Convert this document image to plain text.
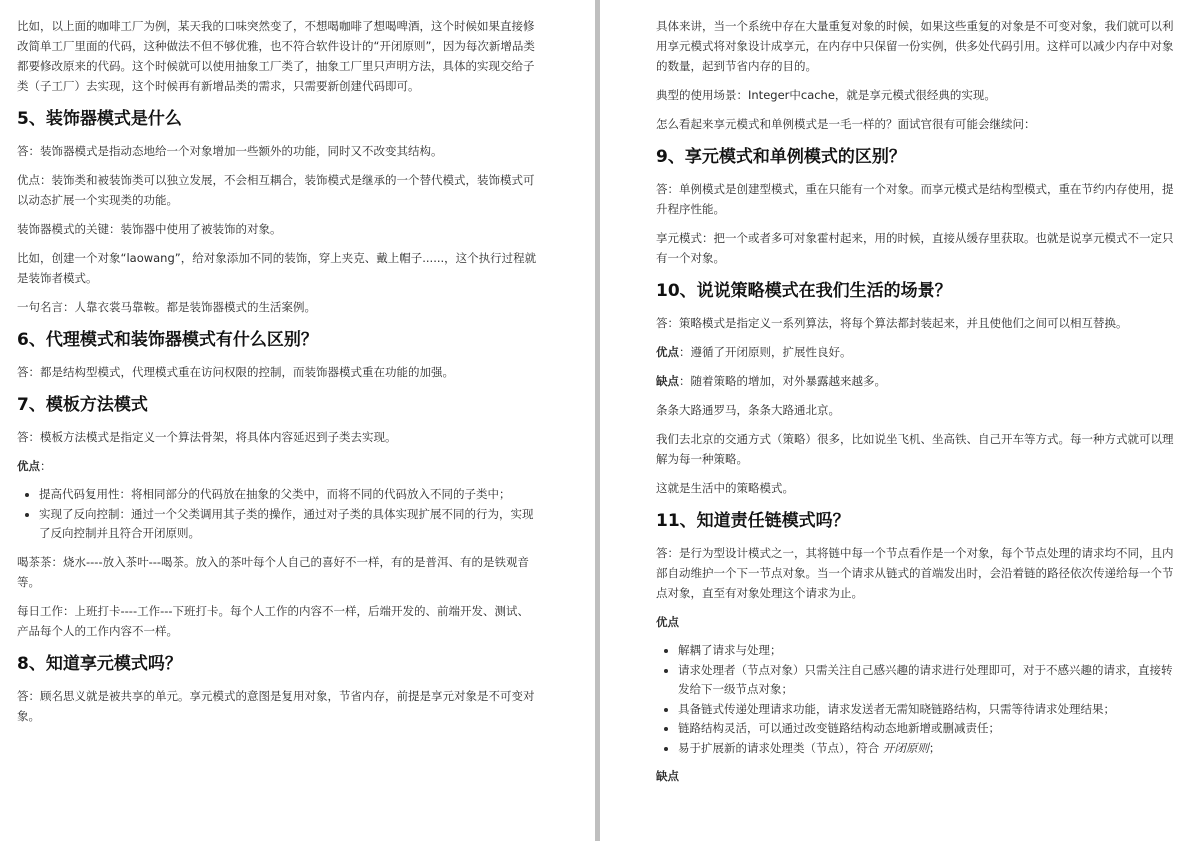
比如，以上面的咖啡工厂为例，某天我的口味突然变了，不想喝咖啡了想喝啤酒，这个时候如果直接修改简单工厂里面的代码，这种做法不但不够优雅，也不符合软件设计的“开闭原则”，因为每次新增品类都要修改原来的代码。这个时候就可以使用抽象工厂类了，抽象工厂里只声明方法，具体的实现交给子类（子工厂）去实现，这个时候再有新增品类的需求，只需要新创建代码即可。

5、装饰器模式是什么

答：装饰器模式是指动态地给一个对象增加一些额外的功能，同时又不改变其结构。

优点：装饰类和被装饰类可以独立发展，不会相互耦合，装饰模式是继承的一个替代模式，装饰模式可以动态扩展一个实现类的功能。

装饰器模式的关键：装饰器中使用了被装饰的对象。

比如，创建一个对象“laowang”，给对象添加不同的装饰，穿上夹克、戴上帽子......，这个执行过程就是装饰者模式。

一句名言：人靠衣裳马靠鞍。都是装饰器模式的生活案例。

6、代理模式和装饰器模式有什么区别？

答：都是结构型模式，代理模式重在访问权限的控制，而装饰器模式重在功能的加强。

7、模板方法模式

答：模板方法模式是指定义一个算法骨架，将具体内容延迟到子类去实现。

优点：

• 提高代码复用性：将相同部分的代码放在抽象的父类中，而将不同的代码放入不同的子类中；
• 实现了反向控制：通过一个父类调用其子类的操作，通过对子类的具体实现扩展不同的行为，实现了反向控制并且符合开闭原则。

喝茶茶：烧水----放入茶叶---喝茶。放入的茶叶每个人自己的喜好不一样，有的是普洱、有的是铁观音等。

每日工作：上班打卡----工作---下班打卡。每个人工作的内容不一样，后端开发的、前端开发、测试、产品每个人的工作内容不一样。

8、知道享元模式吗？

答：顾名思义就是被共享的单元。享元模式的意图是复用对象，节省内存，前提是享元对象是不可变对象。

具体来讲，当一个系统中存在大量重复对象的时候，如果这些重复的对象是不可变对象，我们就可以利用享元模式将对象设计成享元，在内存中只保留一份实例，供多处代码引用。这样可以减少内存中对象的数量，起到节省内存的目的。

典型的使用场景：Integer中cache，就是享元模式很经典的实现。

怎么看起来享元模式和单例模式是一毛一样的？面试官很有可能会继续问：

9、享元模式和单例模式的区别？

答：单例模式是创建型模式，重在只能有一个对象。而享元模式是结构型模式，重在节约内存使用，提升程序性能。

享元模式：把一个或者多可对象霍村起来，用的时候，直接从缓存里获取。也就是说享元模式不一定只有一个对象。

10、说说策略模式在我们生活的场景？

答：策略模式是指定义一系列算法，将每个算法都封装起来，并且使他们之间可以相互替换。

优点：遵循了开闭原则，扩展性良好。

缺点：随着策略的增加，对外暴露越来越多。

条条大路通罗马，条条大路通北京。

我们去北京的交通方式（策略）很多，比如说坐飞机、坐高铁、自己开车等方式。每一种方式就可以理解为每一种策略。

这就是生活中的策略模式。

11、知道责任链模式吗？

答：是行为型设计模式之一，其将链中每一个节点看作是一个对象，每个节点处理的请求均不同，且内部自动维护一个下一节点对象。当一个请求从链式的首端发出时，会沿着链的路径依次传递给每一个节点对象，直至有对象处理这个请求为止。

优点

• 解耦了请求与处理；
• 请求处理者（节点对象）只需关注自己感兴趣的请求进行处理即可，对于不感兴趣的请求，直接转发给下一级节点对象；
• 具备链式传递处理请求功能，请求发送者无需知晓链路结构，只需等待请求处理结果；
• 链路结构灵活，可以通过改变链路结构动态地新增或删减责任；
• 易于扩展新的请求处理类（节点），符合 开闭原则；

缺点
